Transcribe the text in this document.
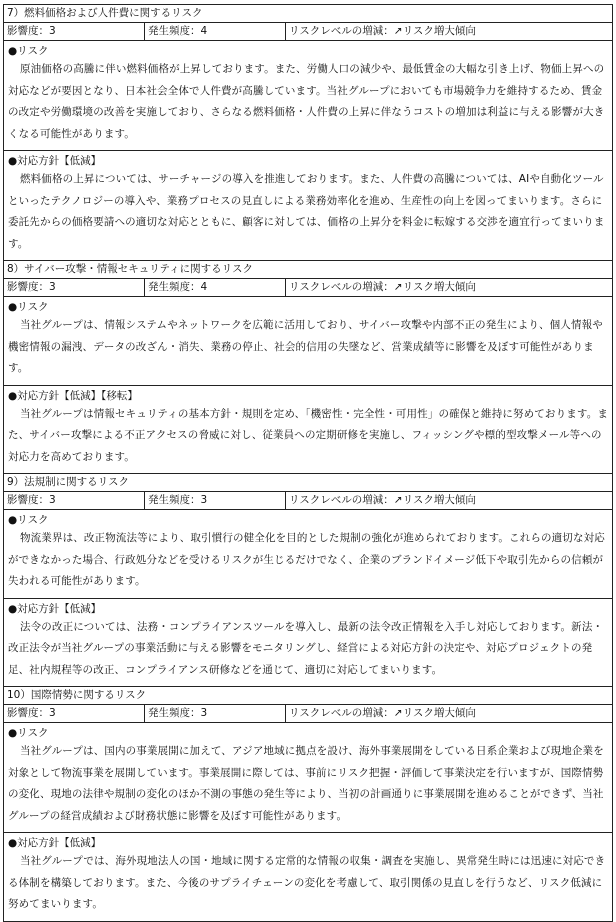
7）燃料価格および人件費に関するリスク
影響度：3	発生頻度：4	リスクレベルの増減：↗リスク増大傾向
●リスク
原油価格の高騰に伴い燃料価格が上昇しております。また、労働人口の減少や、最低賃金の大幅な引き上げ、物価上昇への対応などが要因となり、日本社会全体で人件費が高騰しています。当社グループにおいても市場競争力を維持するため、賃金の改定や労働環境の改善を実施しており、さらなる燃料価格・人件費の上昇に伴なうコストの増加は利益に与える影響が大きくなる可能性があります。
●対応方針【低減】
燃料価格の上昇については、サーチャージの導入を推進しております。また、人件費の高騰については、AIや自動化ツールといったテクノロジーの導入や、業務プロセスの見直しによる業務効率化を進め、生産性の向上を図ってまいります。さらに委託先からの価格要請への適切な対応とともに、顧客に対しては、価格の上昇分を料金に転嫁する交渉を適宜行ってまいります。
8）サイバー攻撃・情報セキュリティに関するリスク
影響度：3	発生頻度：4	リスクレベルの増減：↗リスク増大傾向
●リスク
当社グループは、情報システムやネットワークを広範に活用しており、サイバー攻撃や内部不正の発生により、個人情報や機密情報の漏洩、データの改ざん・消失、業務の停止、社会的信用の失墜など、営業成績等に影響を及ぼす可能性があります。
●対応方針【低減】【移転】
当社グループは情報セキュリティの基本方針・規則を定め、「機密性・完全性・可用性」の確保と維持に努めております。また、サイバー攻撃による不正アクセスの脅威に対し、従業員への定期研修を実施し、フィッシングや標的型攻撃メール等への対応力を高めております。
9）法規制に関するリスク
影響度：3	発生頻度：3	リスクレベルの増減：↗リスク増大傾向
●リスク
物流業界は、改正物流法等により、取引慣行の健全化を目的とした規制の強化が進められております。これらの適切な対応ができなかった場合、行政処分などを受けるリスクが生じるだけでなく、企業のブランドイメージ低下や取引先からの信頼が失われる可能性があります。
●対応方針【低減】
法令の改正については、法務・コンプライアンスツールを導入し、最新の法令改正情報を入手し対応しております。新法・改正法令が当社グループの事業活動に与える影響をモニタリングし、経営による対応方針の決定や、対応プロジェクトの発足、社内規程等の改正、コンプライアンス研修などを通じて、適切に対応してまいります。
10）国際情勢に関するリスク
影響度：3	発生頻度：3	リスクレベルの増減：↗リスク増大傾向
●リスク
当社グループは、国内の事業展開に加えて、アジア地域に拠点を設け、海外事業展開をしている日系企業および現地企業を対象として物流事業を展開しています。事業展開に際しては、事前にリスク把握・評価して事業決定を行いますが、国際情勢の変化、現地の法律や規制の変化のほか不測の事態の発生等により、当初の計画通りに事業展開を進めることができず、当社グループの経営成績および財務状態に影響を及ぼす可能性があります。
●対応方針【低減】
当社グループでは、海外現地法人の国・地域に関する定常的な情報の収集・調査を実施し、異常発生時には迅速に対応できる体制を構築しております。また、今後のサプライチェーンの変化を考慮して、取引関係の見直しを行うなど、リスク低減に努めてまいります。
